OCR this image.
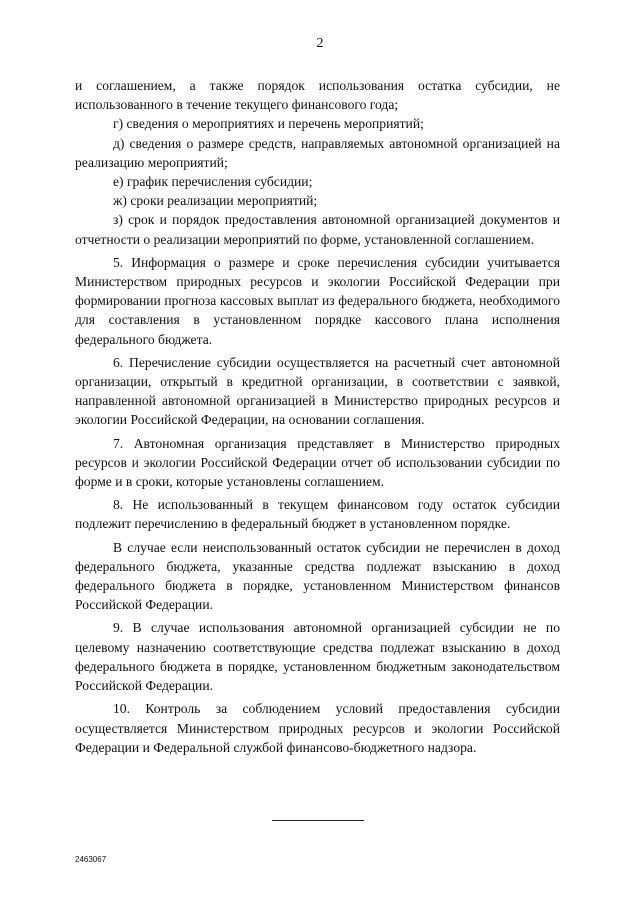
2

и соглашением, а также порядок использования остатка субсидии, не использованного в течение текущего финансового года;

г) сведения о мероприятиях и перечень мероприятий;

д) сведения о размере средств, направляемых автономной организацией на реализацию мероприятий;

е) график перечисления субсидии;

ж) сроки реализации мероприятий;

з) срок и порядок предоставления автономной организацией документов и отчетности о реализации мероприятий по форме, установленной соглашением.

5. Информация о размере и сроке перечисления субсидии учитывается Министерством природных ресурсов и экологии Российской Федерации при формировании прогноза кассовых выплат из федерального бюджета, необходимого для составления в установленном порядке кассового плана исполнения федерального бюджета.

6. Перечисление субсидии осуществляется на расчетный счет автономной организации, открытый в кредитной организации, в соответствии с заявкой, направленной автономной организацией в Министерство природных ресурсов и экологии Российской Федерации, на основании соглашения.

7. Автономная организация представляет в Министерство природных ресурсов и экологии Российской Федерации отчет об использовании субсидии по форме и в сроки, которые установлены соглашением.

8. Не использованный в текущем финансовом году остаток субсидии подлежит перечислению в федеральный бюджет в установленном порядке.

В случае если неиспользованный остаток субсидии не перечислен в доход федерального бюджета, указанные средства подлежат взысканию в доход федерального бюджета в порядке, установленном Министерством финансов Российской Федерации.

9. В случае использования автономной организацией субсидии не по целевому назначению соответствующие средства подлежат взысканию в доход федерального бюджета в порядке, установленном бюджетным законодательством Российской Федерации.

10. Контроль за соблюдением условий предоставления субсидии осуществляется Министерством природных ресурсов и экологии Российской Федерации и Федеральной службой финансово-бюджетного надзора.

2463067
